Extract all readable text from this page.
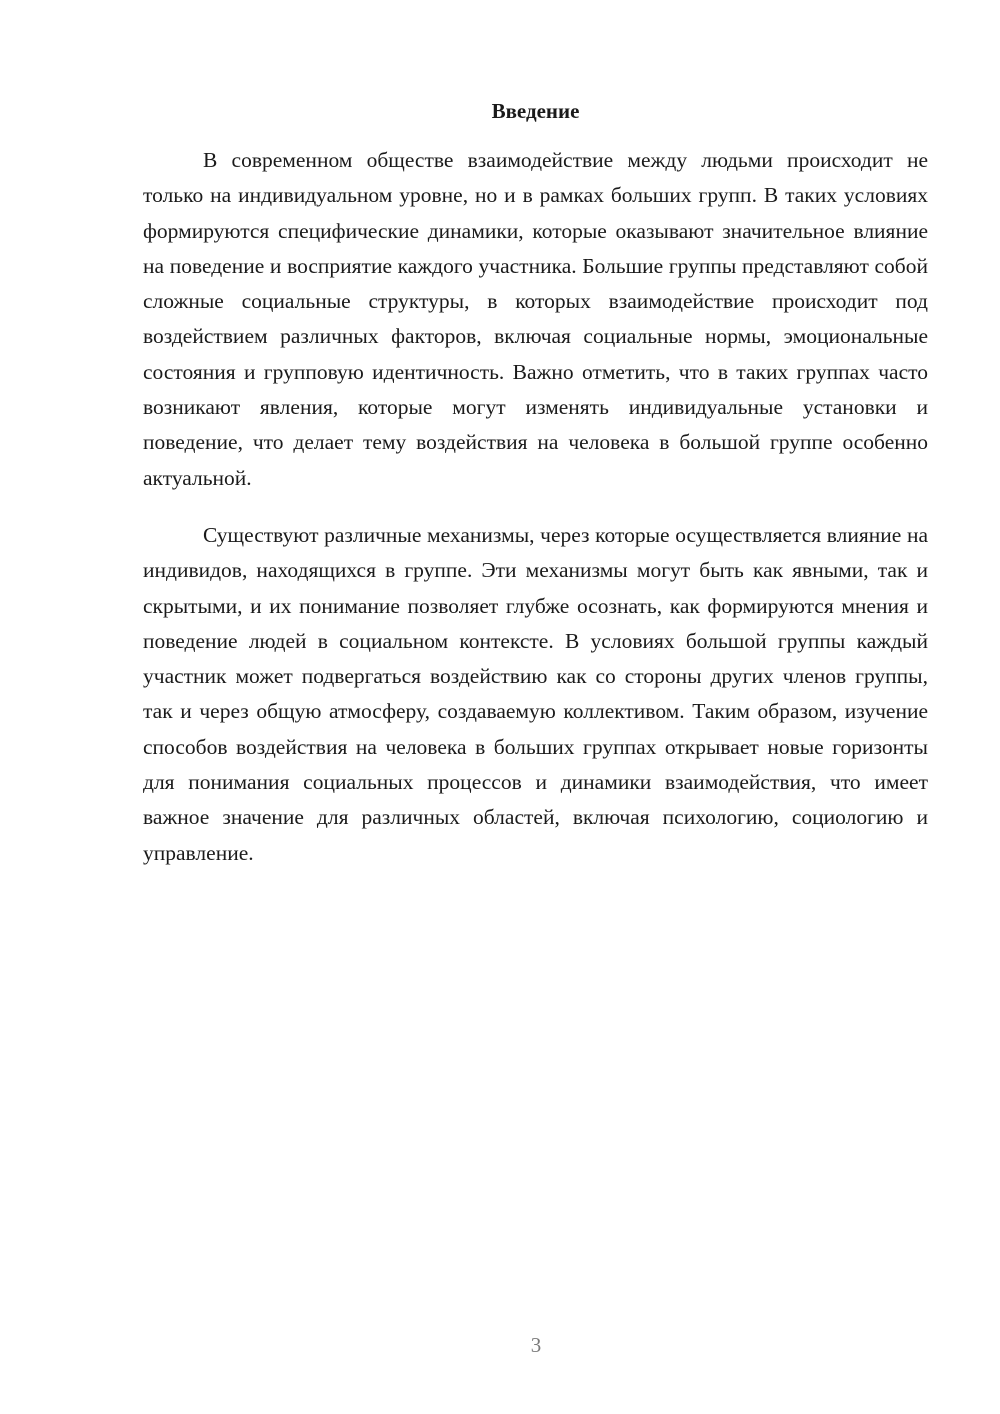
Введение

В современном обществе взаимодействие между людьми происходит не только на индивидуальном уровне, но и в рамках больших групп. В таких условиях формируются специфические динамики, которые оказывают значительное влияние на поведение и восприятие каждого участника. Большие группы представляют собой сложные социальные структуры, в которых взаимодействие происходит под воздействием различных факторов, включая социальные нормы, эмоциональные состояния и групповую идентичность. Важно отметить, что в таких группах часто возникают явления, которые могут изменять индивидуальные установки и поведение, что делает тему воздействия на человека в большой группе особенно актуальной.

Существуют различные механизмы, через которые осуществляется влияние на индивидов, находящихся в группе. Эти механизмы могут быть как явными, так и скрытыми, и их понимание позволяет глубже осознать, как формируются мнения и поведение людей в социальном контексте. В условиях большой группы каждый участник может подвергаться воздействию как со стороны других членов группы, так и через общую атмосферу, создаваемую коллективом. Таким образом, изучение способов воздействия на человека в больших группах открывает новые горизонты для понимания социальных процессов и динамики взаимодействия, что имеет важное значение для различных областей, включая психологию, социологию и управление.

3
